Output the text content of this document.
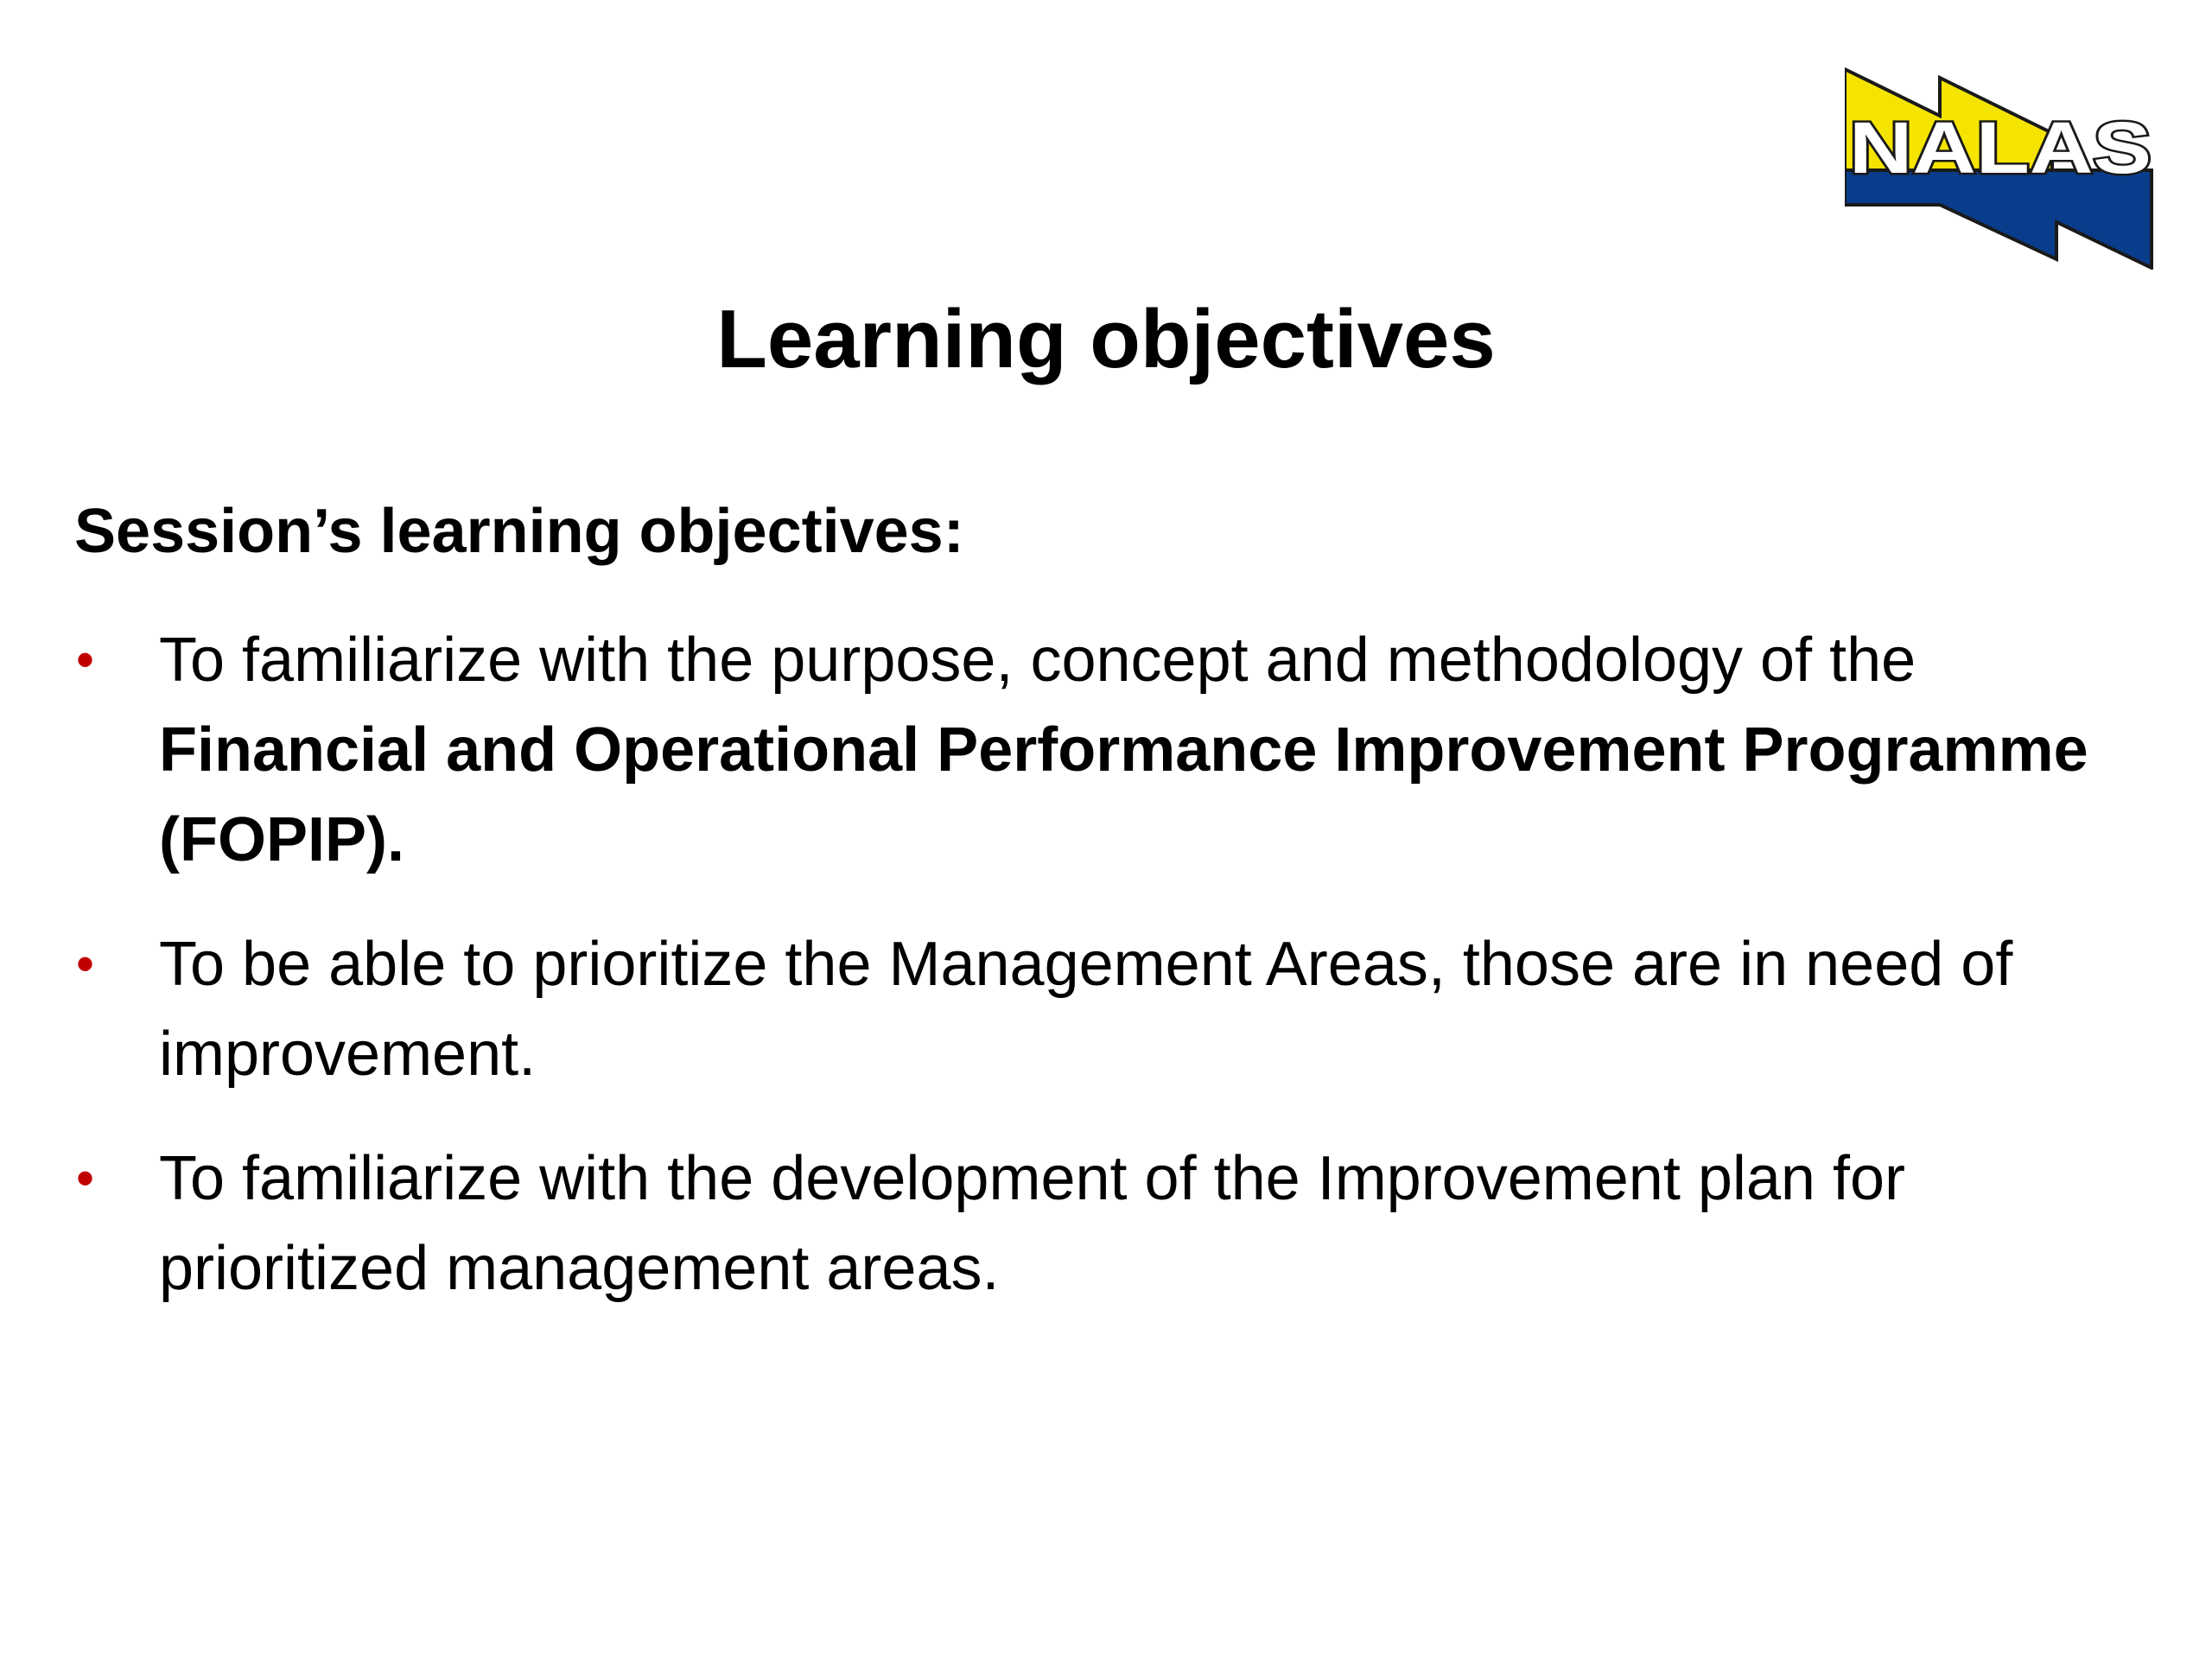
NALAS
Learning objectives
Session’s learning objectives:
• To familiarize with the purpose, concept and methodology of the Financial and Operational Performance Improvement Programme (FOPIP).
• To be able to prioritize the Management Areas, those are in need of improvement.
• To familiarize with the development of the Improvement plan for prioritized management areas.
